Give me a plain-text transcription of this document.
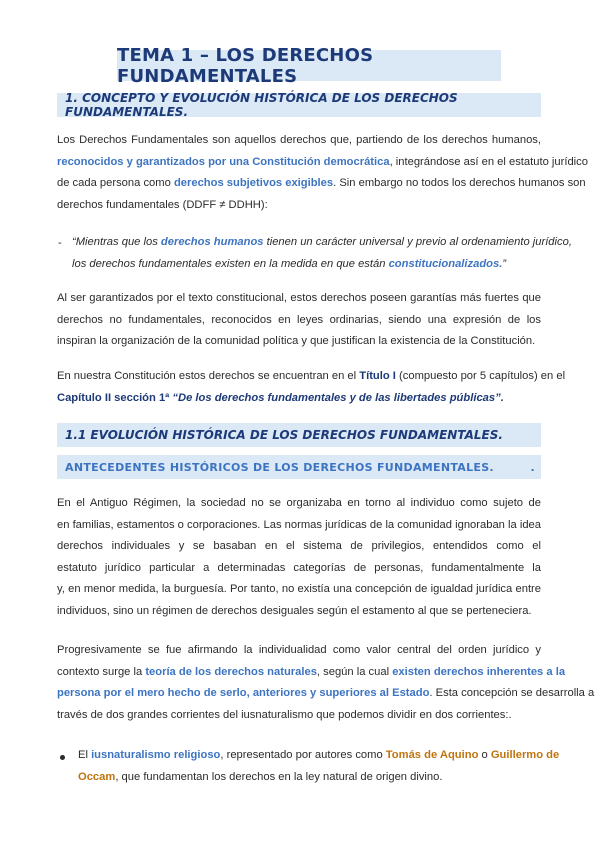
TEMA 1 – LOS DERECHOS FUNDAMENTALES
1. CONCEPTO Y EVOLUCIÓN HISTÓRICA DE LOS DERECHOS FUNDAMENTALES.
Los Derechos Fundamentales son aquellos derechos que, partiendo de los derechos humanos,
reconocidos y garantizados por una Constitución democrática, integrándose así en el estatuto jurídico
de cada persona como derechos subjetivos exigibles. Sin embargo no todos los derechos humanos son
derechos fundamentales (DDFF ≠ DDHH):
- “Mientras que los derechos humanos tienen un carácter universal y previo al ordenamiento jurídico,
los derechos fundamentales existen en la medida en que están constitucionalizados.”
Al ser garantizados por el texto constitucional, estos derechos poseen garantías más fuertes que
derechos no fundamentales, reconocidos en leyes ordinarias, siendo una expresión de los
inspiran la organización de la comunidad política y que justifican la existencia de la Constitución.
En nuestra Constitución estos derechos se encuentran en el Título I (compuesto por 5 capítulos) en el
Capítulo II sección 1ª “De los derechos fundamentales y de las libertades públicas”.
1.1 EVOLUCIÓN HISTÓRICA DE LOS DERECHOS FUNDAMENTALES.
ANTECEDENTES HISTÓRICOS DE LOS DERECHOS FUNDAMENTALES.	.
En el Antiguo Régimen, la sociedad no se organizaba en torno al individuo como sujeto de
en familias, estamentos o corporaciones. Las normas jurídicas de la comunidad ignoraban la idea
derechos individuales y se basaban en el sistema de privilegios, entendidos como el
estatuto jurídico particular a determinadas categorías de personas, fundamentalmente la
y, en menor medida, la burguesía. Por tanto, no existía una concepción de igualdad jurídica entre
individuos, sino un régimen de derechos desiguales según el estamento al que se perteneciera.
Progresivamente se fue afirmando la individualidad como valor central del orden jurídico y
contexto surge la teoría de los derechos naturales, según la cual existen derechos inherentes a la
persona por el mero hecho de serlo, anteriores y superiores al Estado. Esta concepción se desarrolla a
través de dos grandes corrientes del iusnaturalismo que podemos dividir en dos corrientes:.
El iusnaturalismo religioso, representado por autores como Tomás de Aquino o Guillermo de
Occam, que fundamentan los derechos en la ley natural de origen divino.
